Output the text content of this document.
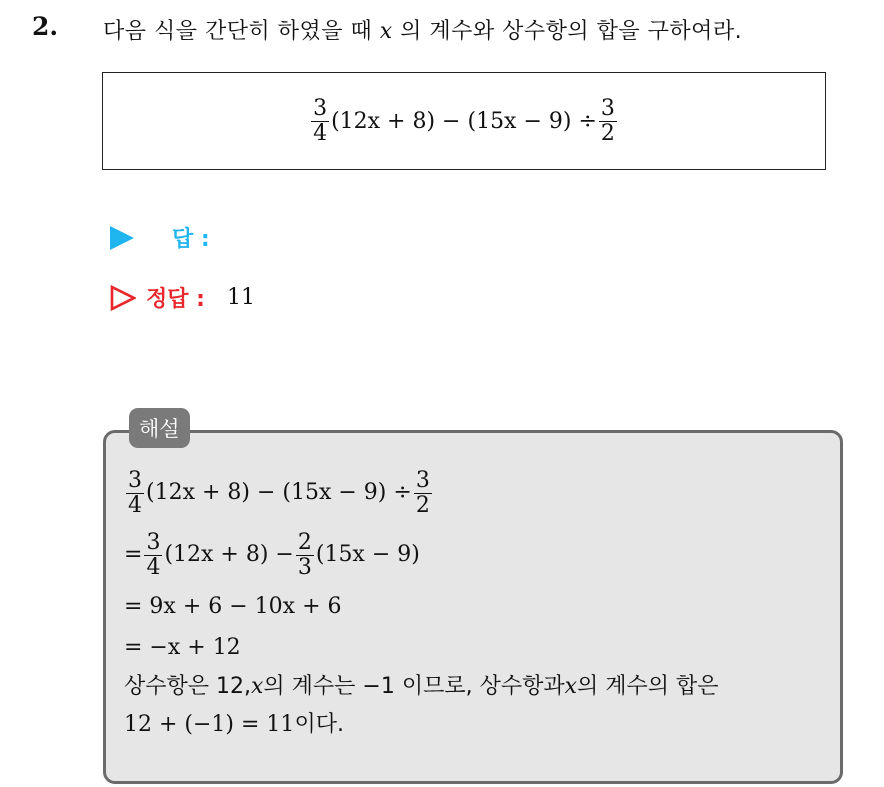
2. 다음 식을 간단히 하였을 때 x 의 계수와 상수항의 합을 구하여라.
$\frac{3}{4} (12x + 8) - (15x - 9) \div \frac{3}{2}$
답 :
정답 : 11
해설
$\frac{3}{4} (12x + 8) - (15x - 9) \div \frac{3}{2}$
= $\frac{3}{4} (12x + 8) - \frac{2}{3} (15x - 9)$
= 9x + 6 − 10x + 6
= −x + 12
상수항은 12, x 의 계수는 −1 이므로, 상수항과 x 의 계수의 합은
12 + (−1) = 11 이다.
